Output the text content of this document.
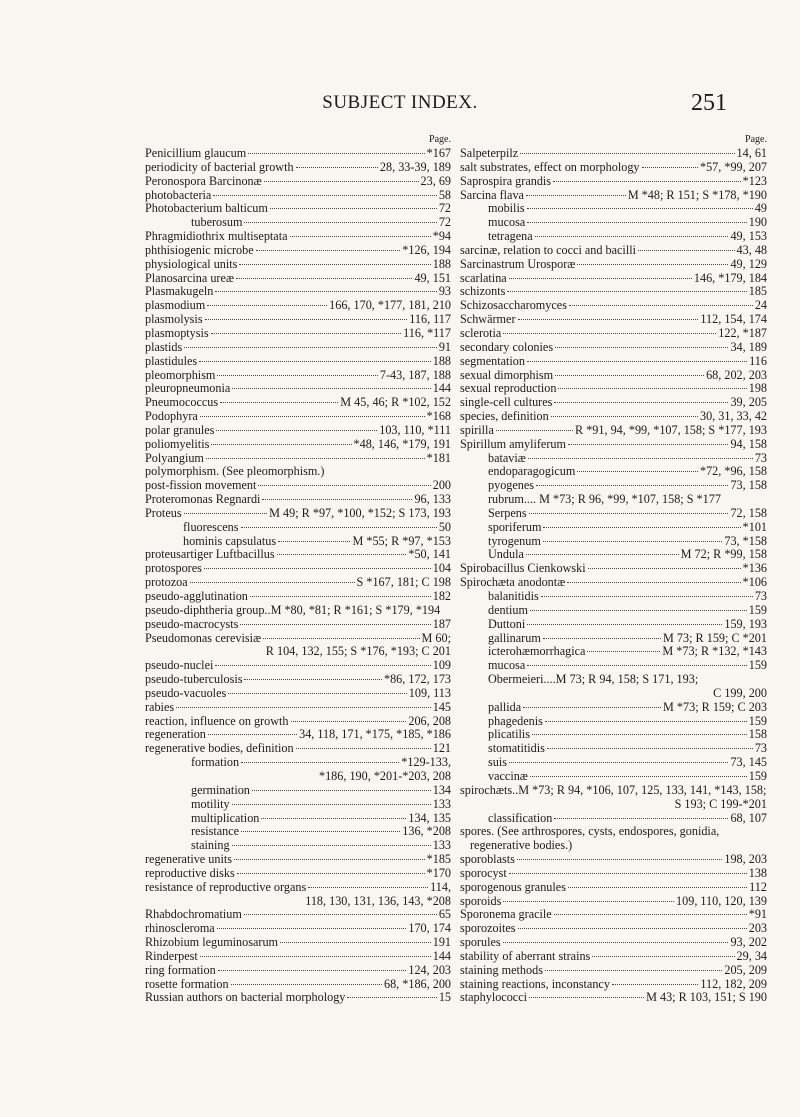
SUBJECT INDEX.	251
Page.
Penicillium glaucum	*167
periodicity of bacterial growth	28, 33-39, 189
Peronospora Barcinonæ	23, 69
photobacteria	58
Photobacterium balticum	72
tuberosum	72
Phragmidiothrix multiseptata	*94
phthisiogenic microbe	*126, 194
physiological units	188
Planosarcina ureæ	49, 151
Plasmakugeln	93
plasmodium	166, 170, *177, 181, 210
plasmolysis	116, 117
plasmoptysis	116, *117
plastids	91
plastidules	188
pleomorphism	7-43, 187, 188
pleuropneumonia	144
Pneumococcus	M 45, 46; R *102, 152
Podophyra	*168
polar granules	103, 110, *111
poliomyelitis	*48, 146, *179, 191
Polyangium	*181
polymorphism. (See pleomorphism.)
post-fission movement	200
Proteromonas Regnardi	96, 133
Proteus	M 49; R *97, *100, *152; S 173, 193
fluorescens	50
hominis capsulatus	M *55; R *97, *153
proteusartiger Luftbacillus	*50, 141
protospores	104
protozoa	S *167, 181; C 198
pseudo-agglutination	182
pseudo-diphtheria group..M *80, *81; R *161; S *179, *194
pseudo-macrocysts	187
Pseudomonas cerevisiæ	M 60;
R 104, 132, 155; S *176, *193; C 201
pseudo-nuclei	109
pseudo-tuberculosis	*86, 172, 173
pseudo-vacuoles	109, 113
rabies	145
reaction, influence on growth	206, 208
regeneration	34, 118, 171, *175, *185, *186
regenerative bodies, definition	121
formation	*129-133,
*186, 190, *201-*203, 208
germination	134
motility	133
multiplication	134, 135
resistance	136, *208
staining	133
regenerative units	*185
reproductive disks	*170
resistance of reproductive organs	114,
118, 130, 131, 136, 143, *208
Rhabdochromatium	65
rhinoscleroma	170, 174
Rhizobium leguminosarum	191
Rinderpest	144
ring formation	124, 203
rosette formation	68, *186, 200
Russian authors on bacterial morphology	15
Page.
Salpeterpilz	14, 61
salt substrates, effect on morphology	*57, *99, 207
Saprospira grandis	*123
Sarcina flava	M *48; R 151; S *178, *190
mobilis	49
mucosa	190
tetragena	49, 153
sarcinæ, relation to cocci and bacilli	43, 48
Sarcinastrum Urosporæ	49, 129
scarlatina	146, *179, 184
schizonts	185
Schizosaccharomyces	24
Schwärmer	112, 154, 174
sclerotia	122, *187
secondary colonies	34, 189
segmentation	116
sexual dimorphism	68, 202, 203
sexual reproduction	198
single-cell cultures	39, 205
species, definition	30, 31, 33, 42
spirilla	R *91, 94, *99, *107, 158; S *177, 193
Spirillum amyliferum	94, 158
bataviæ	73
endoparagogicum	*72, *96, 158
pyogenes	73, 158
rubrum.... M *73; R 96, *99, *107, 158; S *177
Serpens	72, 158
sporiferum	*101
tyrogenum	73, *158
Undula	M 72; R *99, 158
Spirobacillus Cienkowski	*136
Spirochæta anodontæ	*106
balanitidis	73
dentium	159
Duttoni	159, 193
gallinarum	M 73; R 159; C *201
icterohæmorrhagica	M *73; R *132, *143
mucosa	159
Obermeieri....M 73; R 94, 158; S 171, 193;
C 199, 200
pallida	M *73; R 159; C 203
phagedenis	159
plicatilis	158
stomatitidis	73
suis	73, 145
vaccinæ	159
spirochæts..M *73; R 94, *106, 107, 125, 133, 141, *143, 158;
S 193; C 199-*201
classification	68, 107
spores. (See arthrospores, cysts, endospores, gonidia, regenerative bodies.)
sporoblasts	198, 203
sporocyst	138
sporogenous granules	112
sporoids	109, 110, 120, 139
Sporonema gracile	*91
sporozoites	203
sporules	93, 202
stability of aberrant strains	29, 34
staining methods	205, 209
staining reactions, inconstancy	112, 182, 209
staphylococci	M 43; R 103, 151; S 190
